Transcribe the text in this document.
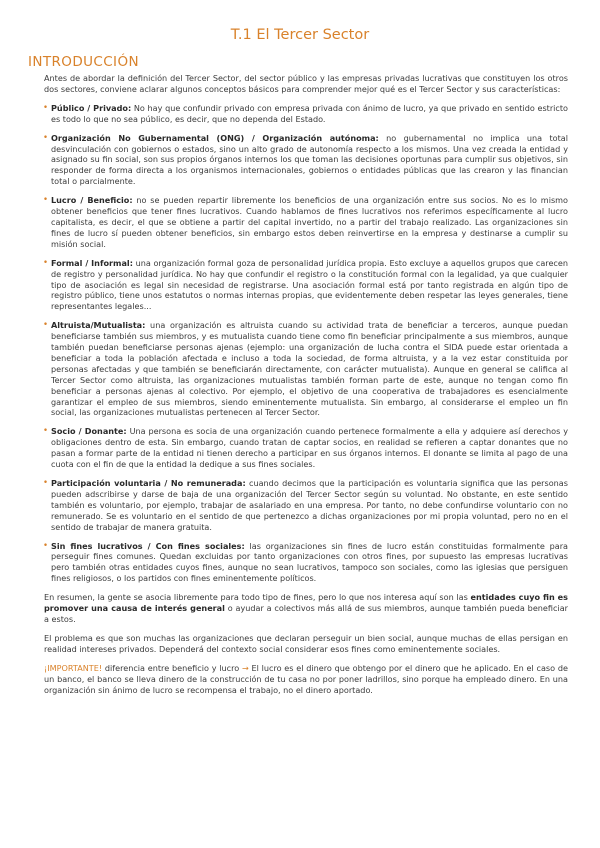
T.1 El Tercer Sector
INTRODUCCIÓN

Antes de abordar la definición del Tercer Sector, del sector público y las empresas privadas lucrativas que constituyen los otros dos sectores, conviene aclarar algunos conceptos básicos para comprender mejor qué es el Tercer Sector y sus características:

• Público / Privado: No hay que confundir privado con empresa privada con ánimo de lucro, ya que privado en sentido estricto es todo lo que no sea público, es decir, que no dependa del Estado.

• Organización No Gubernamental (ONG) / Organización autónoma: no gubernamental no implica una total desvinculación con gobiernos o estados, sino un alto grado de autonomía respecto a los mismos. Una vez creada la entidad y asignado su fin social, son sus propios órganos internos los que toman las decisiones oportunas para cumplir sus objetivos, sin responder de forma directa a los organismos internacionales, gobiernos o entidades públicas que las crearon y las financian total o parcialmente.

• Lucro / Beneficio: no se pueden repartir libremente los beneficios de una organización entre sus socios. No es lo mismo obtener beneficios que tener fines lucrativos. Cuando hablamos de fines lucrativos nos referimos específicamente al lucro capitalista, es decir, el que se obtiene a partir del capital invertido, no a partir del trabajo realizado. Las organizaciones sin fines de lucro sí pueden obtener beneficios, sin embargo estos deben reinvertirse en la empresa y destinarse a cumplir su misión social.

• Formal / Informal: una organización formal goza de personalidad jurídica propia. Esto excluye a aquellos grupos que carecen de registro y personalidad jurídica. No hay que confundir el registro o la constitución formal con la legalidad, ya que cualquier tipo de asociación es legal sin necesidad de registrarse. Una asociación formal está por tanto registrada en algún tipo de registro público, tiene unos estatutos o normas internas propias, que evidentemente deben respetar las leyes generales, tiene representantes legales...

• Altruista/Mutualista: una organización es altruista cuando su actividad trata de beneficiar a terceros, aunque puedan beneficiarse también sus miembros, y es mutualista cuando tiene como fin beneficiar principalmente a sus miembros, aunque también puedan beneficiarse personas ajenas (ejemplo: una organización de lucha contra el SIDA puede estar orientada a beneficiar a toda la población afectada e incluso a toda la sociedad, de forma altruista, y a la vez estar constituida por personas afectadas y que también se beneficiarán directamente, con carácter mutualista). Aunque en general se califica al Tercer Sector como altruista, las organizaciones mutualistas también forman parte de este, aunque no tengan como fin beneficiar a personas ajenas al colectivo. Por ejemplo, el objetivo de una cooperativa de trabajadores es esencialmente garantizar el empleo de sus miembros, siendo eminentemente mutualista. Sin embargo, al considerarse el empleo un fin social, las organizaciones mutualistas pertenecen al Tercer Sector.

• Socio / Donante: Una persona es socia de una organización cuando pertenece formalmente a ella y adquiere así derechos y obligaciones dentro de esta. Sin embargo, cuando tratan de captar socios, en realidad se refieren a captar donantes que no pasan a formar parte de la entidad ni tienen derecho a participar en sus órganos internos. El donante se limita al pago de una cuota con el fin de que la entidad la dedique a sus fines sociales.

• Participación voluntaria / No remunerada: cuando decimos que la participación es voluntaria significa que las personas pueden adscribirse y darse de baja de una organización del Tercer Sector según su voluntad. No obstante, en este sentido también es voluntario, por ejemplo, trabajar de asalariado en una empresa. Por tanto, no debe confundirse voluntario con no remunerado. Se es voluntario en el sentido de que pertenezco a dichas organizaciones por mi propia voluntad, pero no en el sentido de trabajar de manera gratuita.

• Sin fines lucrativos / Con fines sociales: las organizaciones sin fines de lucro están constituidas formalmente para perseguir fines comunes. Quedan excluidas por tanto organizaciones con otros fines, por supuesto las empresas lucrativas pero también otras entidades cuyos fines, aunque no sean lucrativos, tampoco son sociales, como las iglesias que persiguen fines religiosos, o los partidos con fines eminentemente políticos.

En resumen, la gente se asocia libremente para todo tipo de fines, pero lo que nos interesa aquí son las entidades cuyo fin es promover una causa de interés general o ayudar a colectivos más allá de sus miembros, aunque también pueda beneficiar a estos.

El problema es que son muchas las organizaciones que declaran perseguir un bien social, aunque muchas de ellas persigan en realidad intereses privados. Dependerá del contexto social considerar esos fines como eminentemente sociales.

¡IMPORTANTE! diferencia entre beneficio y lucro → El lucro es el dinero que obtengo por el dinero que he aplicado. En el caso de un banco, el banco se lleva dinero de la construcción de tu casa no por poner ladrillos, sino porque ha empleado dinero. En una organización sin ánimo de lucro se recompensa el trabajo, no el dinero aportado.
